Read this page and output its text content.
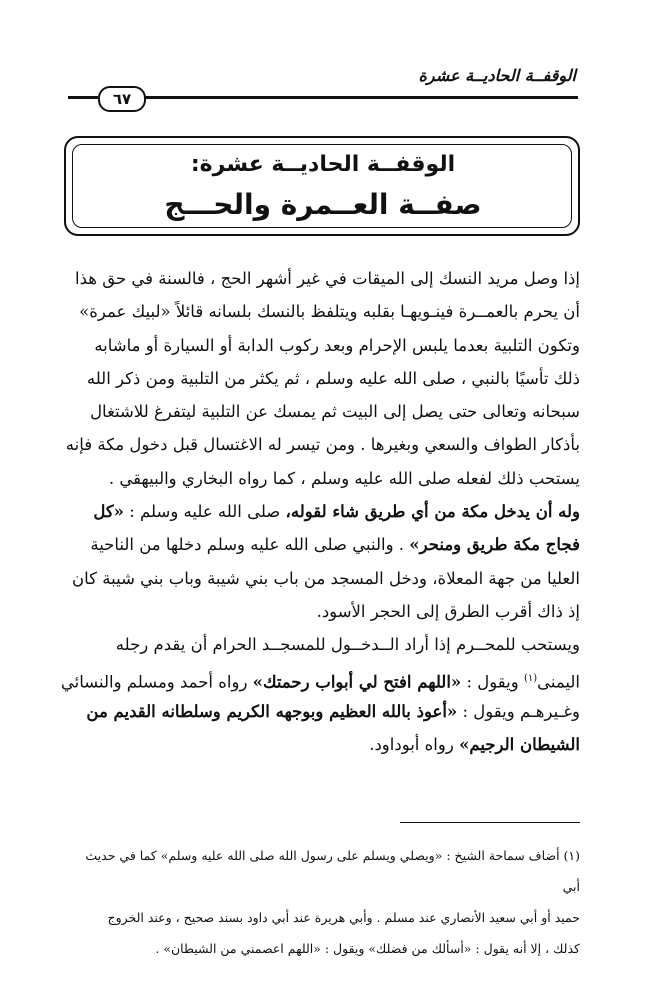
الوقفــة الحاديــة عشرة
٦٧
الوقفــة الحاديــة عشرة:
صفــة العــمرة والحـــج
إذا وصل مريد النسك إلى الميقات في غير أشهر الحج ، فالسنة في حق هذا
أن يحرم بالعمــرة فينـويهـا بقلبه ويتلفظ بالنسك بلسانه قائلاً «لبيك عمرة»
وتكون التلبية بعدما يلبس الإحرام وبعد ركوب الدابة أو السيارة أو ماشابه
ذلك تأسيًا بالنبي ، صلى الله عليه وسلم ، ثم يكثر من التلبية ومن ذكر الله
سبحانه وتعالى حتى يصل إلى البيت ثم يمسك عن التلبية ليتفرغ للاشتغال
بأذكار الطواف والسعي وبغيرها . ومن تيسر له الاغتسال قبل دخول مكة فإنه
يستحب ذلك لفعله صلى الله عليه وسلم ، كما رواه البخاري والبيهقي .
وله أن يدخل مكة من أي طريق شاء لقوله، صلى الله عليه وسلم : «كل
فجاج مكة طريق ومنحر» . والنبي صلى الله عليه وسلم دخلها من الناحية
العليا من جهة المعلاة، ودخل المسجد من باب بني شيبة وباب بني شيبة كان
إذ ذاك أقرب الطرق إلى الحجر الأسود.
ويستحب للمحــرم إذا أراد الــدخــول للمسجــد الحرام أن يقدم رجله
اليمنى$^{(١)}$ ويقول : «اللهم افتح لي أبواب رحمتك» رواه أحمد ومسلم والنسائي
وغـيرهـم ويقول : «أعوذ بالله العظيم وبوجهه الكريم وسلطانه القديم من
الشيطان الرجيم» رواه أبوداود.
(١) أضاف سماحة الشيخ : «ويصلي ويسلم على رسول الله صلى الله عليه وسلم» كما في حديث أبي
حميد أو أبي سعيد الأنصاري عند مسلم . وأبي هريرة عند أبي داود بسند صحيح ، وعند الخروج
كذلك ، إلا أنه يقول : «أسألك من فضلك» ويقول : «اللهم اعصمني من الشيطان» .
